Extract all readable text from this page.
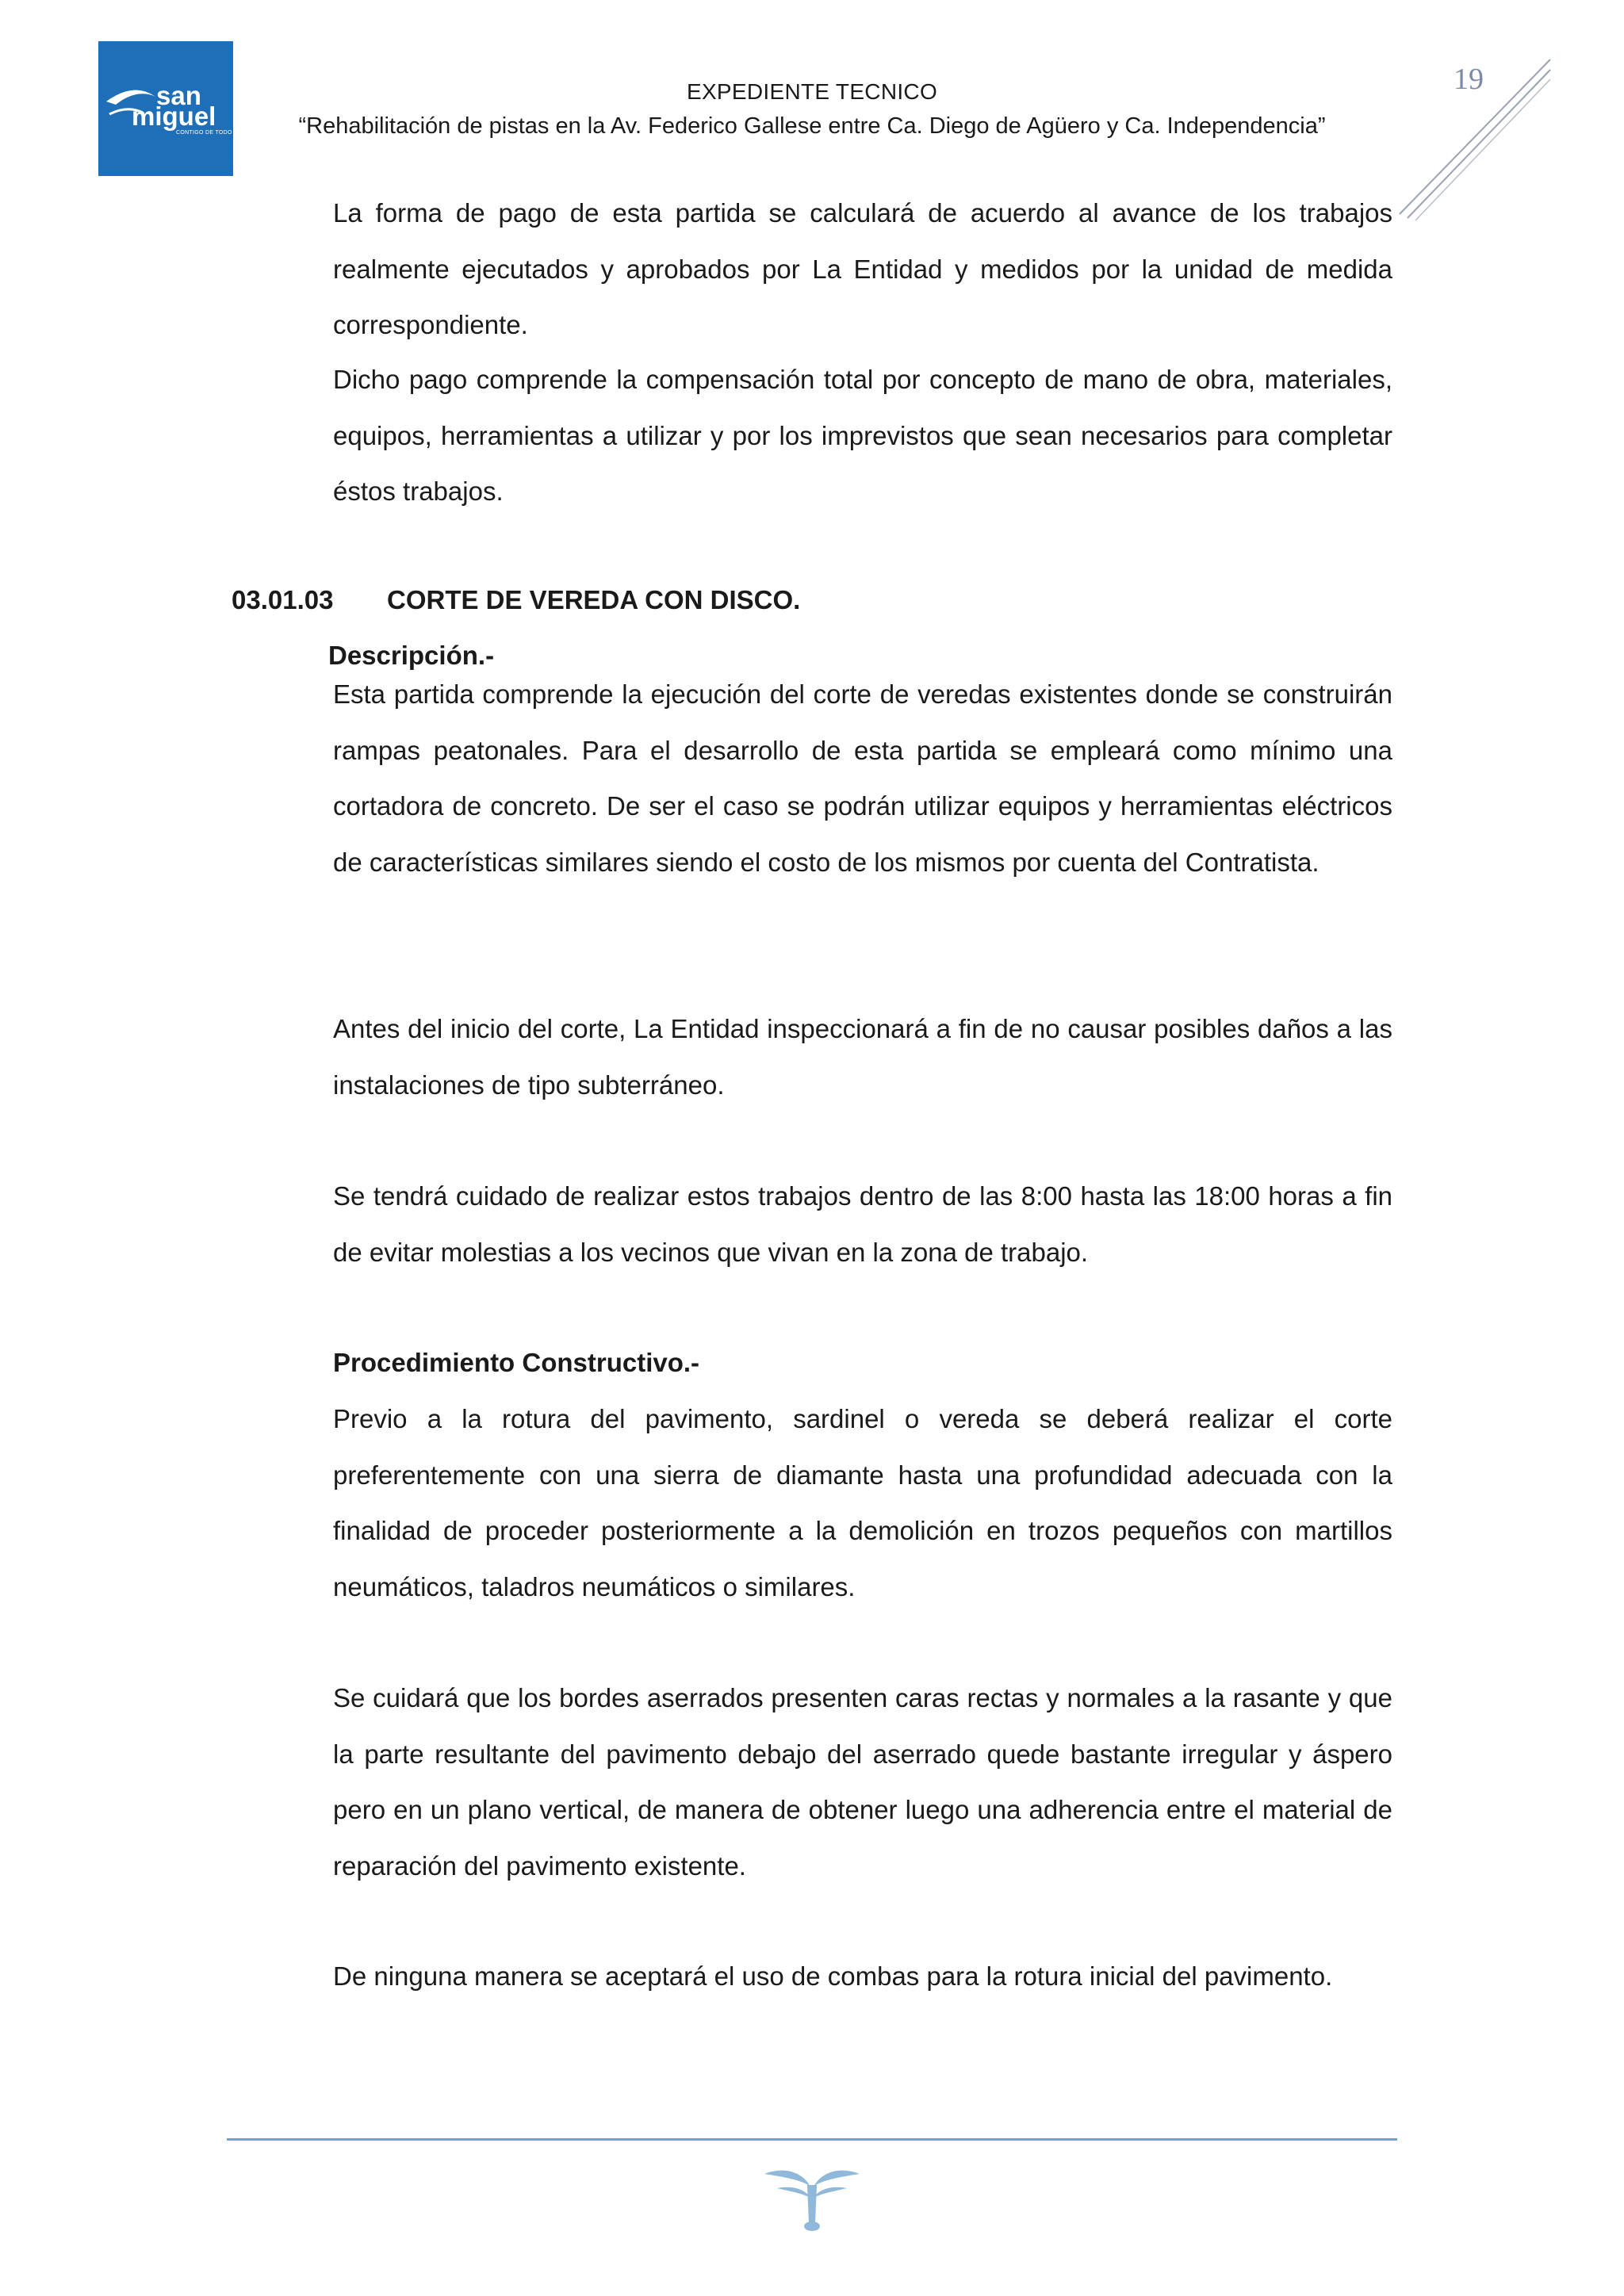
san
miguel
CONTIGO DE TODO
EXPEDIENTE TECNICO
“Rehabilitación de pistas en la Av. Federico Gallese entre Ca. Diego de Agüero y Ca. Independencia”
19

La forma de pago de esta partida se calculará de acuerdo al avance de los trabajos realmente ejecutados y aprobados por La Entidad y medidos por la unidad de medida correspondiente.

Dicho pago comprende la compensación total por concepto de mano de obra, materiales, equipos, herramientas a utilizar y por los imprevistos que sean necesarios para completar éstos trabajos.

03.01.03 CORTE DE VEREDA CON DISCO.
Descripción.-

Esta partida comprende la ejecución del corte de veredas existentes donde se construirán rampas peatonales. Para el desarrollo de esta partida se empleará como mínimo una cortadora de concreto. De ser el caso se podrán utilizar equipos y herramientas eléctricos de características similares siendo el costo de los mismos por cuenta del Contratista.

Antes del inicio del corte, La Entidad inspeccionará a fin de no causar posibles daños a las instalaciones de tipo subterráneo.

Se tendrá cuidado de realizar estos trabajos dentro de las 8:00 hasta las 18:00 horas a fin de evitar molestias a los vecinos que vivan en la zona de trabajo.

Procedimiento Constructivo.-

Previo a la rotura del pavimento, sardinel o vereda se deberá realizar el corte preferentemente con una sierra de diamante hasta una profundidad adecuada con la finalidad de proceder posteriormente a la demolición en trozos pequeños con martillos neumáticos, taladros neumáticos o similares.

Se cuidará que los bordes aserrados presenten caras rectas y normales a la rasante y que la parte resultante del pavimento debajo del aserrado quede bastante irregular y áspero pero en un plano vertical, de manera de obtener luego una adherencia entre el material de reparación del pavimento existente.

De ninguna manera se aceptará el uso de combas para la rotura inicial del pavimento.
